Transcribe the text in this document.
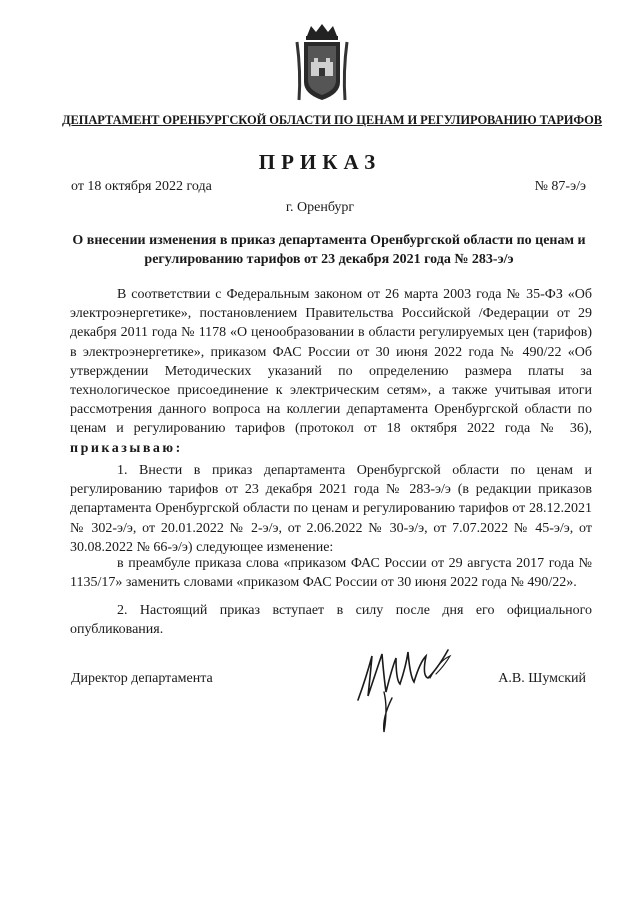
ДЕПАРТАМЕНТ ОРЕНБУРГСКОЙ ОБЛАСТИ ПО ЦЕНАМ И РЕГУЛИРОВАНИЮ ТАРИФОВ
ПРИКАЗ
от 18 октября 2022 года	№ 87-э/э
г. Оренбург
О внесении изменения в приказ департамента Оренбургской области по ценам и регулированию тарифов от 23 декабря 2021 года № 283-э/э

В соответствии с Федеральным законом от 26 марта 2003 года № 35-ФЗ «Об электроэнергетике», постановлением Правительства Российской /Федерации от 29 декабря 2011 года № 1178 «О ценообразовании в области регулируемых цен (тарифов) в электроэнергетике», приказом ФАС России от 30 июня 2022 года № 490/22 «Об утверждении Методических указаний по определению размера платы за технологическое присоединение к электрическим сетям», а также учитывая итоги рассмотрения данного вопроса на коллегии департамента Оренбургской области по ценам и регулированию тарифов (протокол от 18 октября 2022 года № 36), приказываю:

1. Внести в приказ департамента Оренбургской области по ценам и регулированию тарифов от 23 декабря 2021 года № 283-э/э (в редакции приказов департамента Оренбургской области по ценам и регулированию тарифов от 28.12.2021 № 302-э/э, от 20.01.2022 № 2-э/э, от 2.06.2022 № 30-э/э, от 7.07.2022 № 45-э/э, от 30.08.2022 № 66-э/э) следующее изменение:

в преамбуле приказа слова «приказом ФАС России от 29 августа 2017 года № 1135/17» заменить словами «приказом ФАС России от 30 июня 2022 года № 490/22».

2. Настоящий приказ вступает в силу после дня его официального опубликования.

Директор департамента	А.В. Шумский
